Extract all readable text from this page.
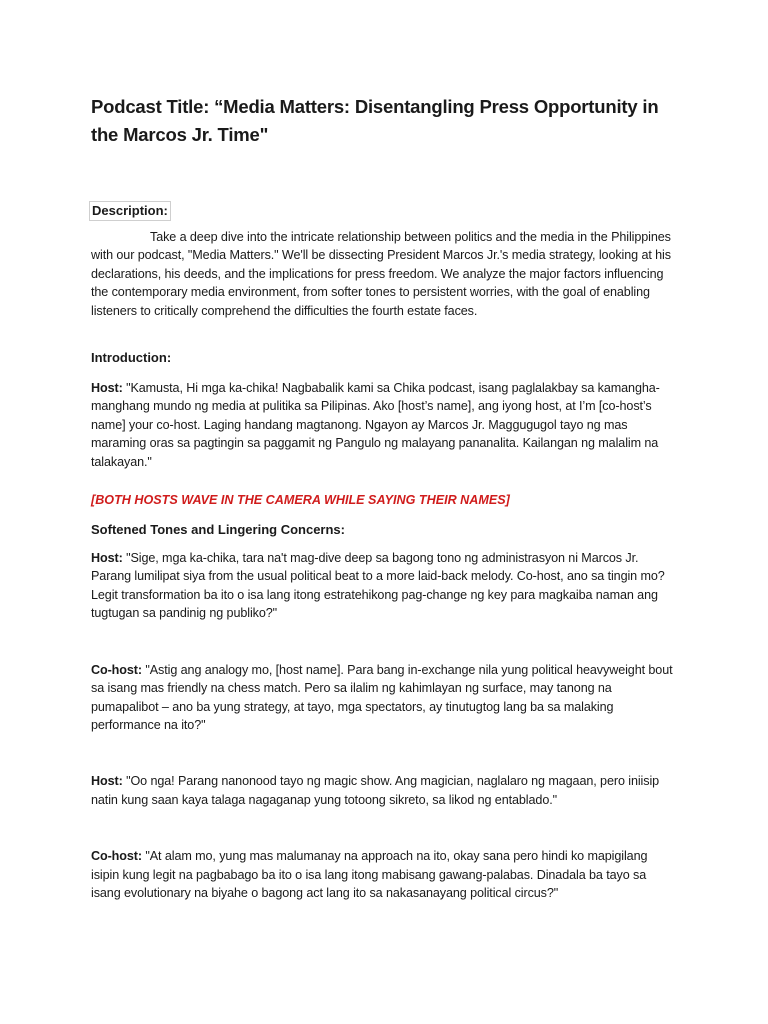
Podcast Title: “Media Matters: Disentangling Press Opportunity in the Marcos Jr. Time"
Description:

Take a deep dive into the intricate relationship between politics and the media in the Philippines with our podcast, "Media Matters." We'll be dissecting President Marcos Jr.'s media strategy, looking at his declarations, his deeds, and the implications for press freedom. We analyze the major factors influencing the contemporary media environment, from softer tones to persistent worries, with the goal of enabling listeners to critically comprehend the difficulties the fourth estate faces.

Introduction:

Host: "Kamusta, Hi mga ka-chika! Nagbabalik kami sa Chika podcast, isang paglalakbay sa kamangha-manghang mundo ng media at pulitika sa Pilipinas. Ako [host’s name], ang iyong host, at I’m [co-host’s name] your co-host. Laging handang magtanong. Ngayon ay Marcos Jr. Maggugugol tayo ng mas maraming oras sa pagtingin sa paggamit ng Pangulo ng malayang pananalita. Kailangan ng malalim na talakayan."

[BOTH HOSTS WAVE IN THE CAMERA WHILE SAYING THEIR NAMES]
Softened Tones and Lingering Concerns:

Host: "Sige, mga ka-chika, tara na't mag-dive deep sa bagong tono ng administrasyon ni Marcos Jr. Parang lumilipat siya from the usual political beat to a more laid-back melody. Co-host, ano sa tingin mo? Legit transformation ba ito o isa lang itong estratehikong pag-change ng key para magkaiba naman ang tugtugan sa pandinig ng publiko?"

Co-host: "Astig ang analogy mo, [host name]. Para bang in-exchange nila yung political heavyweight bout sa isang mas friendly na chess match. Pero sa ilalim ng kahimlayan ng surface, may tanong na pumapalibot – ano ba yung strategy, at tayo, mga spectators, ay tinutugtog lang ba sa malaking performance na ito?"

Host: "Oo nga! Parang nanonood tayo ng magic show. Ang magician, naglalaro ng magaan, pero iniisip natin kung saan kaya talaga nagaganap yung totoong sikreto, sa likod ng entablado."

Co-host: "At alam mo, yung mas malumanay na approach na ito, okay sana pero hindi ko mapigilang isipin kung legit na pagbabago ba ito o isa lang itong mabisang gawang-palabas. Dinadala ba tayo sa isang evolutionary na biyahe o bagong act lang ito sa nakasanayang political circus?"
